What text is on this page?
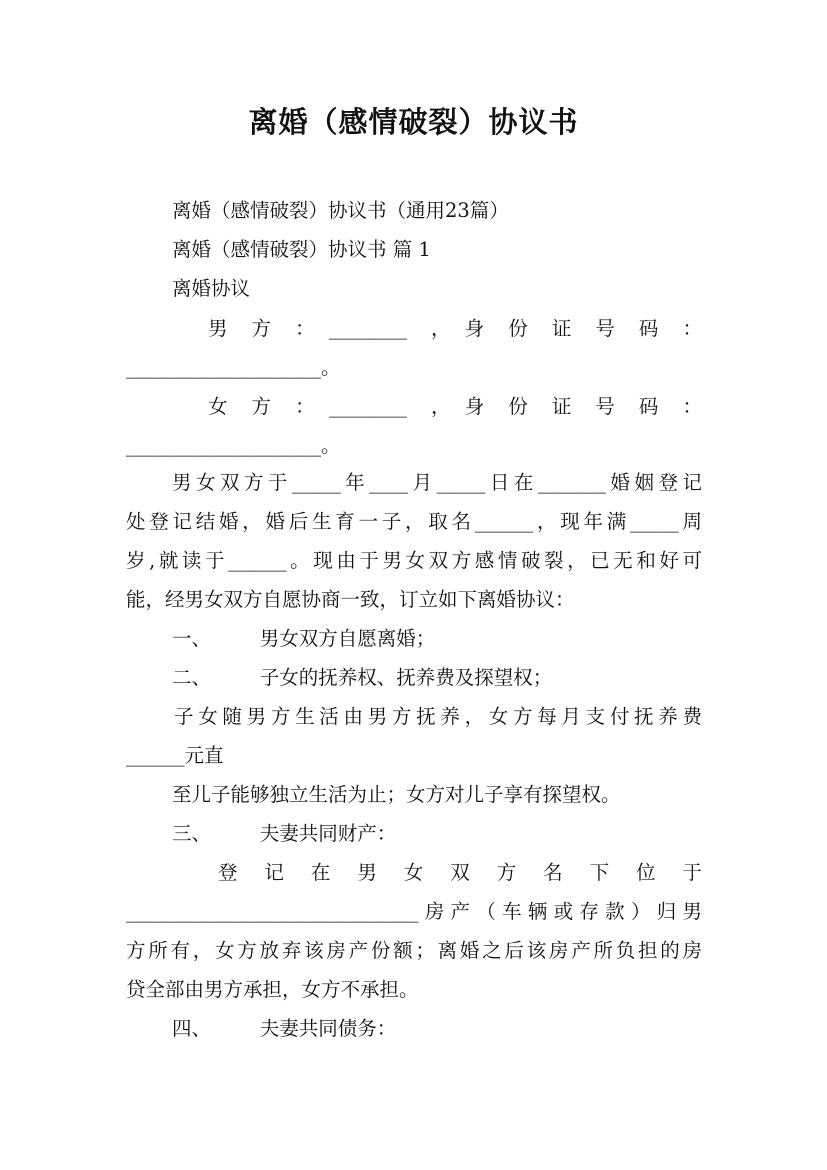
离婚（感情破裂）协议书
离婚（感情破裂）协议书（通用23篇）
离婚（感情破裂）协议书 篇 1
离婚协议
男　方　：　________　，　身　份　证　号　码　：
____________________。
女　方　：　________　，　身　份　证　号　码　：
____________________。
男女双方于_____年____月_____日在_______婚姻登记
处登记结婚，婚后生育一子，取名______，现年满_____周
岁,就读于______。现由于男女双方感情破裂，已无和好可
能，经男女双方自愿协商一致，订立如下离婚协议：
一、　　　男女双方自愿离婚；
二、　　　子女的抚养权、抚养费及探望权；
子女随男方生活由男方抚养，女方每月支付抚养费
______元直
至儿子能够独立生活为止；女方对儿子享有探望权。
三、　　　夫妻共同财产：
登　记　在　男　女　双　方　名　下　位　于
______________________________房产（车辆或存款）归男
方所有，女方放弃该房产份额；离婚之后该房产所负担的房
贷全部由男方承担，女方不承担。
四、　　　夫妻共同债务：
